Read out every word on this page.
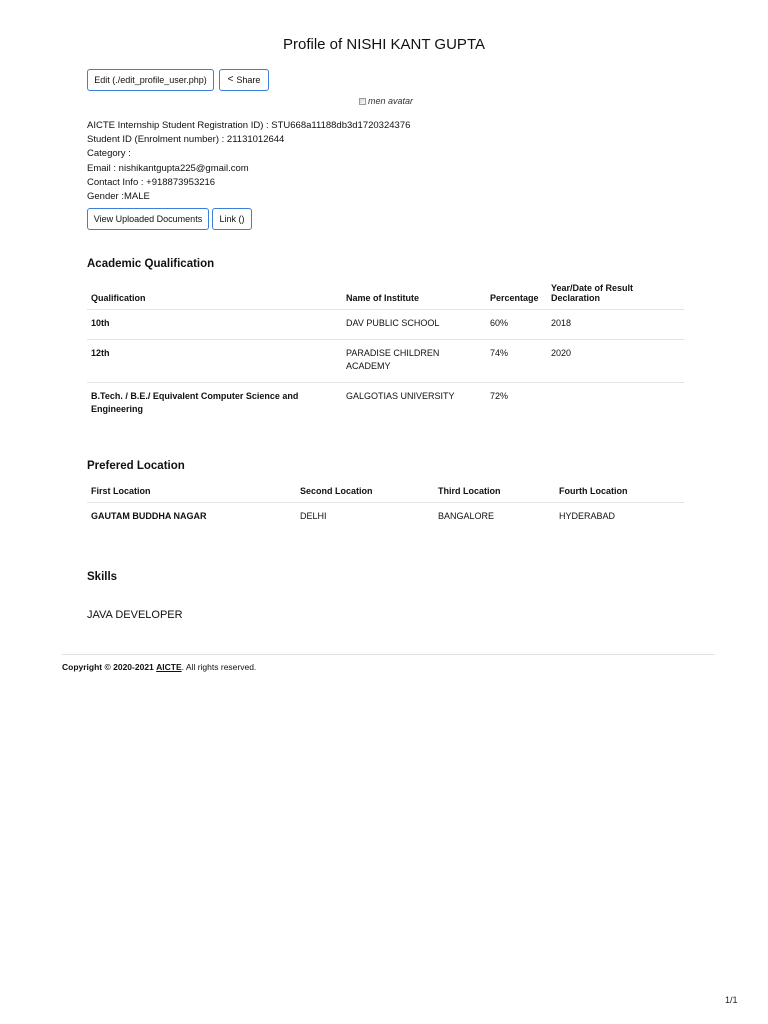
Profile of NISHI KANT GUPTA
Edit (./edit_profile_user.php) < Share
men avatar
AICTE Internship Student Registration ID) : STU668a11188db3d1720324376
Student ID (Enrolment number) : 21131012644
Category :
Email : nishikantgupta225@gmail.com
Contact Info : +918873953216
Gender :MALE
View Uploaded Documents Link ()
Academic Qualification
Qualification	Name of Institute	Percentage	Year/Date of Result Declaration
10th	DAV PUBLIC SCHOOL	60%	2018
12th	PARADISE CHILDREN ACADEMY	74%	2020
B.Tech. / B.E./ Equivalent Computer Science and Engineering	GALGOTIAS UNIVERSITY	72%	
Prefered Location
First Location	Second Location	Third Location	Fourth Location
GAUTAM BUDDHA NAGAR	DELHI	BANGALORE	HYDERABAD
Skills
JAVA DEVELOPER
Copyright © 2020-2021 AICTE. All rights reserved.
1/1
